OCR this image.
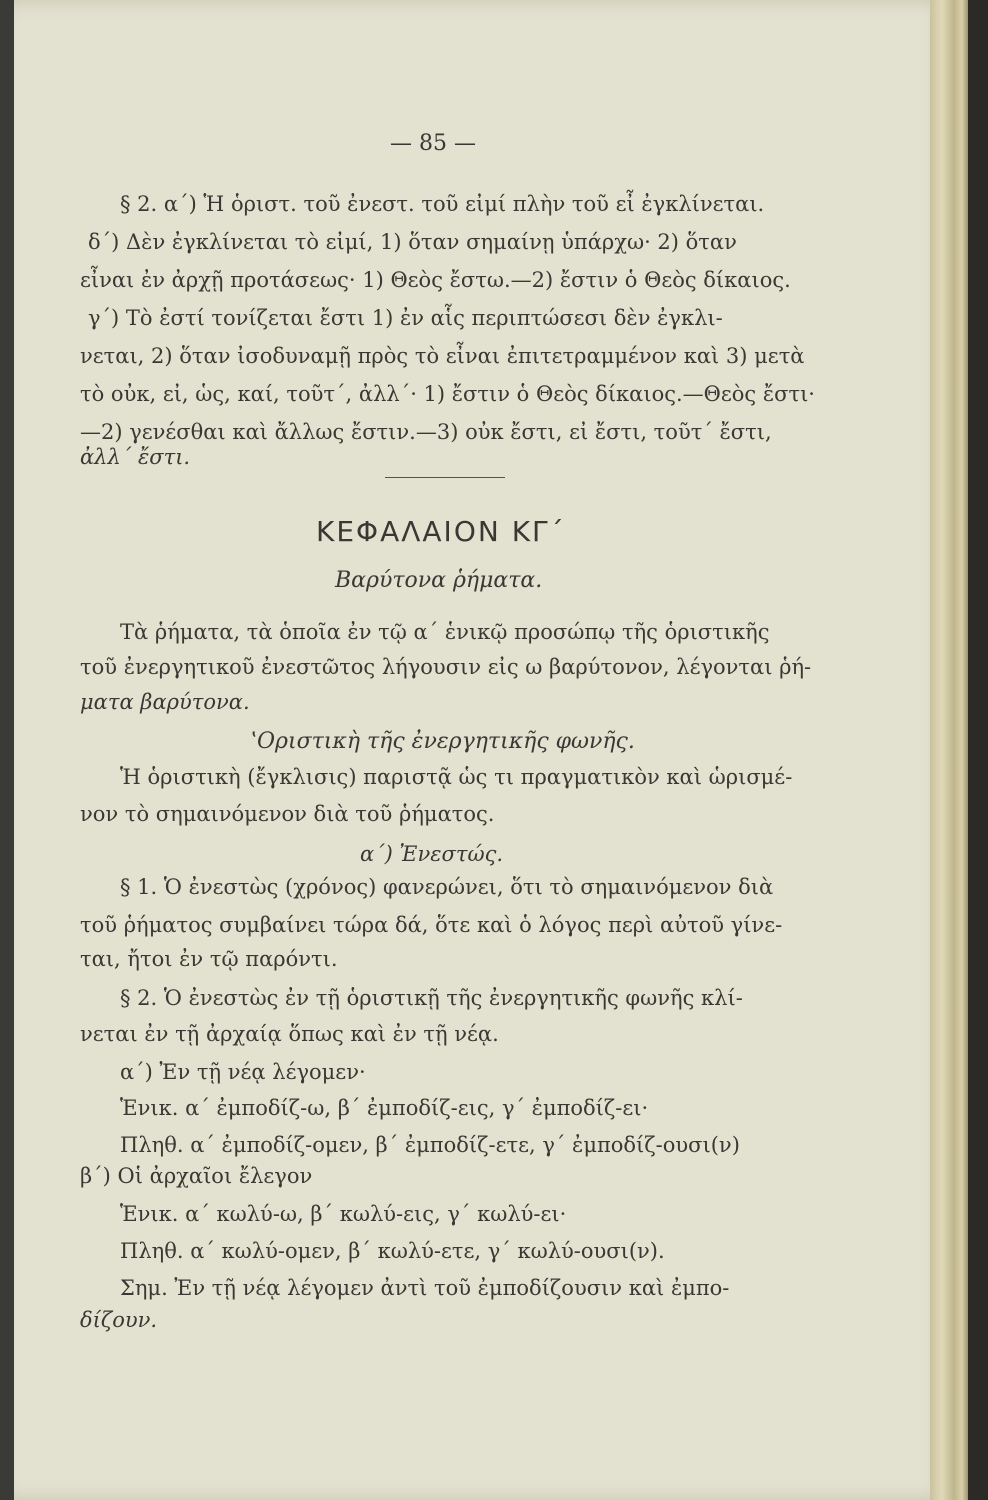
— 85 —
§ 2. α΄) Ἡ ὁριστ. τοῦ ἐνεστ. τοῦ εἰμί πλὴν τοῦ εἶ ἐγκλίνεται.
δ΄) Δὲν ἐγκλίνεται τὸ εἰμί, 1) ὅταν σημαίνῃ ὑπάρχω· 2) ὅταν
εἶναι ἐν ἀρχῇ προτάσεως· 1) Θεὸς ἔστω.—2) ἔστιν ὁ Θεὸς δίκαιος.
γ΄) Τὸ ἐστί τονίζεται ἔστι 1) ἐν αἷς περιπτώσεσι δὲν ἐγκλι-
νεται, 2) ὅταν ἰσοδυναμῇ πρὸς τὸ εἶναι ἐπιτετραμμένον καὶ 3) μετὰ
τὸ οὐκ, εἰ, ὡς, καί, τοῦτ΄, ἀλλ΄· 1) ἔστιν ὁ Θεὸς δίκαιος.—Θεὸς ἔστι·
—2) γενέσθαι καὶ ἄλλως ἔστιν.—3) οὐκ ἔστι, εἰ ἔστι, τοῦτ΄ ἔστι,
ἀλλ΄ ἔστι.
ΚΕΦΑΛΑΙΟΝ ΚΓ΄
Βαρύτονα ῥήματα.
Τὰ ῥήματα, τὰ ὁποῖα ἐν τῷ α΄ ἑνικῷ προσώπῳ τῆς ὁριστικῆς
τοῦ ἐνεργητικοῦ ἐνεστῶτος λήγουσιν εἰς ω βαρύτονον, λέγονται ῥή-
ματα βαρύτονα.
ʽΟριστικὴ τῆς ἐνεργητικῆς φωνῆς.
Ἡ ὁριστικὴ (ἔγκλισις) παριστᾷ ὡς τι πραγματικὸν καὶ ὡρισμέ-
νον τὸ σημαινόμενον διὰ τοῦ ῥήματος.
α΄) Ἐνεστώς.
§ 1. Ὁ ἐνεστὼς (χρόνος) φανερώνει, ὅτι τὸ σημαινόμενον διὰ
τοῦ ῥήματος συμβαίνει τώρα δά, ὅτε καὶ ὁ λόγος περὶ αὐτοῦ γίνε-
ται, ἤτοι ἐν τῷ παρόντι.
§ 2. Ὁ ἐνεστὼς ἐν τῇ ὁριστικῇ τῆς ἐνεργητικῆς φωνῆς κλί-
νεται ἐν τῇ ἀρχαίᾳ ὅπως καὶ ἐν τῇ νέᾳ.
α΄) Ἐν τῇ νέᾳ λέγομεν·
Ἑνικ. α΄ ἐμποδίζ-ω, β΄ ἐμποδίζ-εις, γ΄ ἐμποδίζ-ει·
Πληθ. α΄ ἐμποδίζ-ομεν, β΄ ἐμποδίζ-ετε, γ΄ ἐμποδίζ-ουσι(ν)
β΄) Οἱ ἀρχαῖοι ἔλεγον
Ἑνικ. α΄ κωλύ-ω, β΄ κωλύ-εις, γ΄ κωλύ-ει·
Πληθ. α΄ κωλύ-ομεν, β΄ κωλύ-ετε, γ΄ κωλύ-ουσι(ν).
Σημ. Ἐν τῇ νέᾳ λέγομεν ἀντὶ τοῦ ἐμποδίζουσιν καὶ ἐμπο-
δίζουν.
